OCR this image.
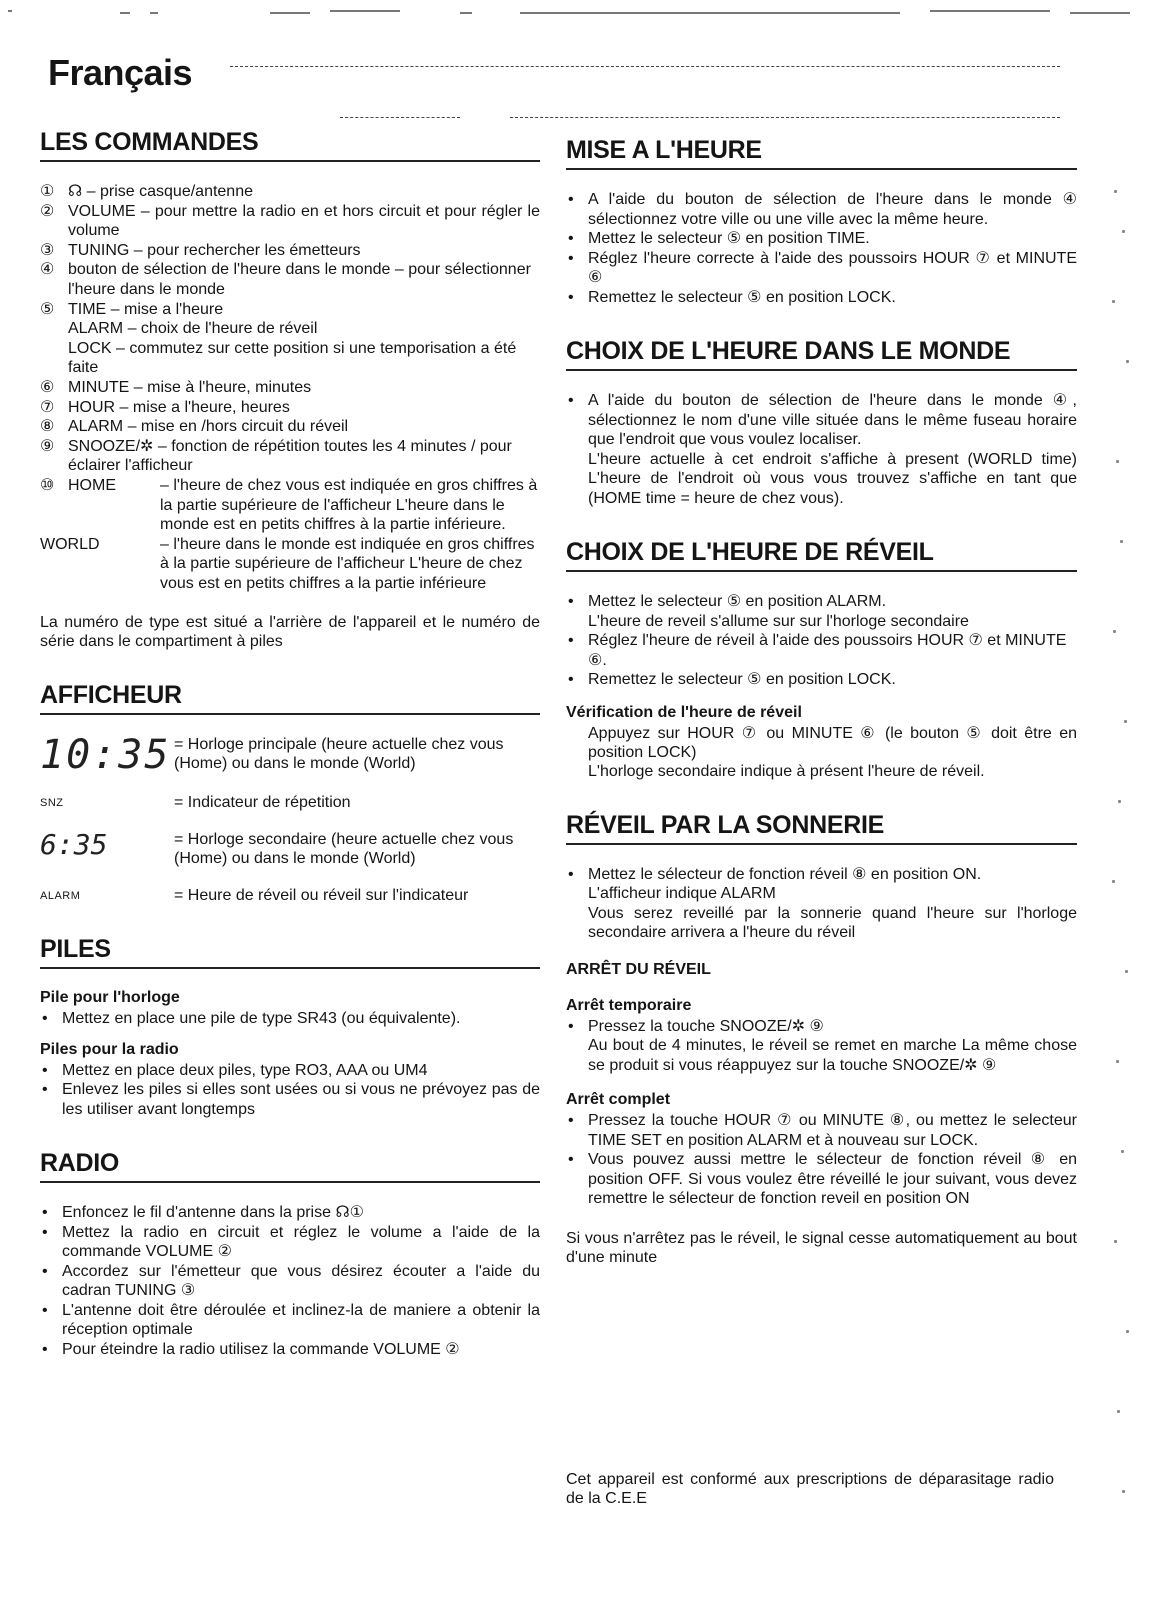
Français
LES COMMANDES
① ☊ – prise casque/antenne
② VOLUME – pour mettre la radio en et hors circuit et pour régler le volume
③ TUNING – pour rechercher les émetteurs
④ bouton de sélection de l'heure dans le monde – pour sélectionner l'heure dans le monde
⑤ TIME – mise a l'heure
ALARM – choix de l'heure de réveil
LOCK – commutez sur cette position si une temporisation a été faite
⑥ MINUTE – mise à l'heure, minutes
⑦ HOUR – mise a l'heure, heures
⑧ ALARM – mise en /hors circuit du réveil
⑨ SNOOZE/✲ – fonction de répétition toutes les 4 minutes / pour éclairer l'afficheur
⑩ HOME	– l'heure de chez vous est indiquée en gros chiffres à la partie supérieure de l'afficheur L'heure dans le monde est en petits chiffres à la partie inférieure.
WORLD	– l'heure dans le monde est indiquée en gros chiffres à la partie supérieure de l'afficheur L'heure de chez vous est en petits chiffres a la partie inférieure

La numéro de type est situé a l'arrière de l'appareil et le numéro de série dans le compartiment à piles

AFFICHEUR
10:35 = Horloge principale (heure actuelle chez vous (Home) ou dans le monde (World)
SNZ	= Indicateur de répetition
6:35	= Horloge secondaire (heure actuelle chez vous (Home) ou dans le monde (World)
ALARM	= Heure de réveil ou réveil sur l'indicateur
PILES
Pile pour l'horloge
• Mettez en place une pile de type SR43 (ou équivalente).
Piles pour la radio
• Mettez en place deux piles, type RO3, AAA ou UM4
• Enlevez les piles si elles sont usées ou si vous ne prévoyez pas de les utiliser avant longtemps
RADIO
• Enfoncez le fil d'antenne dans la prise ☊①
• Mettez la radio en circuit et réglez le volume a l'aide de la commande VOLUME ②
• Accordez sur l'émetteur que vous désirez écouter a l'aide du cadran TUNING ③
• L'antenne doit être déroulée et inclinez-la de maniere a obtenir la réception optimale
• Pour éteindre la radio utilisez la commande VOLUME ②
MISE A L'HEURE
• A l'aide du bouton de sélection de l'heure dans le monde ④ sélectionnez votre ville ou une ville avec la même heure.
• Mettez le selecteur ⑤ en position TIME.
• Réglez l'heure correcte à l'aide des poussoirs HOUR ⑦ et MINUTE ⑥
• Remettez le selecteur ⑤ en position LOCK.
CHOIX DE L'HEURE DANS LE MONDE
• A l'aide du bouton de sélection de l'heure dans le monde ④, sélectionnez le nom d'une ville située dans le même fuseau horaire que l'endroit que vous voulez localiser.
L'heure actuelle à cet endroit s'affiche à present (WORLD time) L'heure de l'endroit où vous vous trouvez s'affiche en tant que (HOME time = heure de chez vous).
CHOIX DE L'HEURE DE RÉVEIL
• Mettez le selecteur ⑤ en position ALARM.
L'heure de reveil s'allume sur sur l'horloge secondaire
• Réglez l'heure de réveil à l'aide des poussoirs HOUR ⑦ et MINUTE ⑥.
• Remettez le selecteur ⑤ en position LOCK.
Vérification de l'heure de réveil

Appuyez sur HOUR ⑦ ou MINUTE ⑥ (le bouton ⑤ doit être en position LOCK)

L'horloge secondaire indique à présent l'heure de réveil.

RÉVEIL PAR LA SONNERIE
• Mettez le sélecteur de fonction réveil ⑧ en position ON.
L'afficheur indique ALARM
Vous serez reveillé par la sonnerie quand l'heure sur l'horloge secondaire arrivera a l'heure du réveil
ARRÊT DU RÉVEIL
Arrêt temporaire
• Pressez la touche SNOOZE/✲ ⑨
Au bout de 4 minutes, le réveil se remet en marche La même chose se produit si vous réappuyez sur la touche SNOOZE/✲ ⑨
Arrêt complet
• Pressez la touche HOUR ⑦ ou MINUTE ⑧, ou mettez le selecteur TIME SET en position ALARM et à nouveau sur LOCK.
• Vous pouvez aussi mettre le sélecteur de fonction réveil ⑧ en position OFF. Si vous voulez être réveillé le jour suivant, vous devez remettre le sélecteur de fonction reveil en position ON

Si vous n'arrêtez pas le réveil, le signal cesse automatiquement au bout d'une minute

Cet appareil est conformé aux prescriptions de déparasitage radio de la C.E.E
